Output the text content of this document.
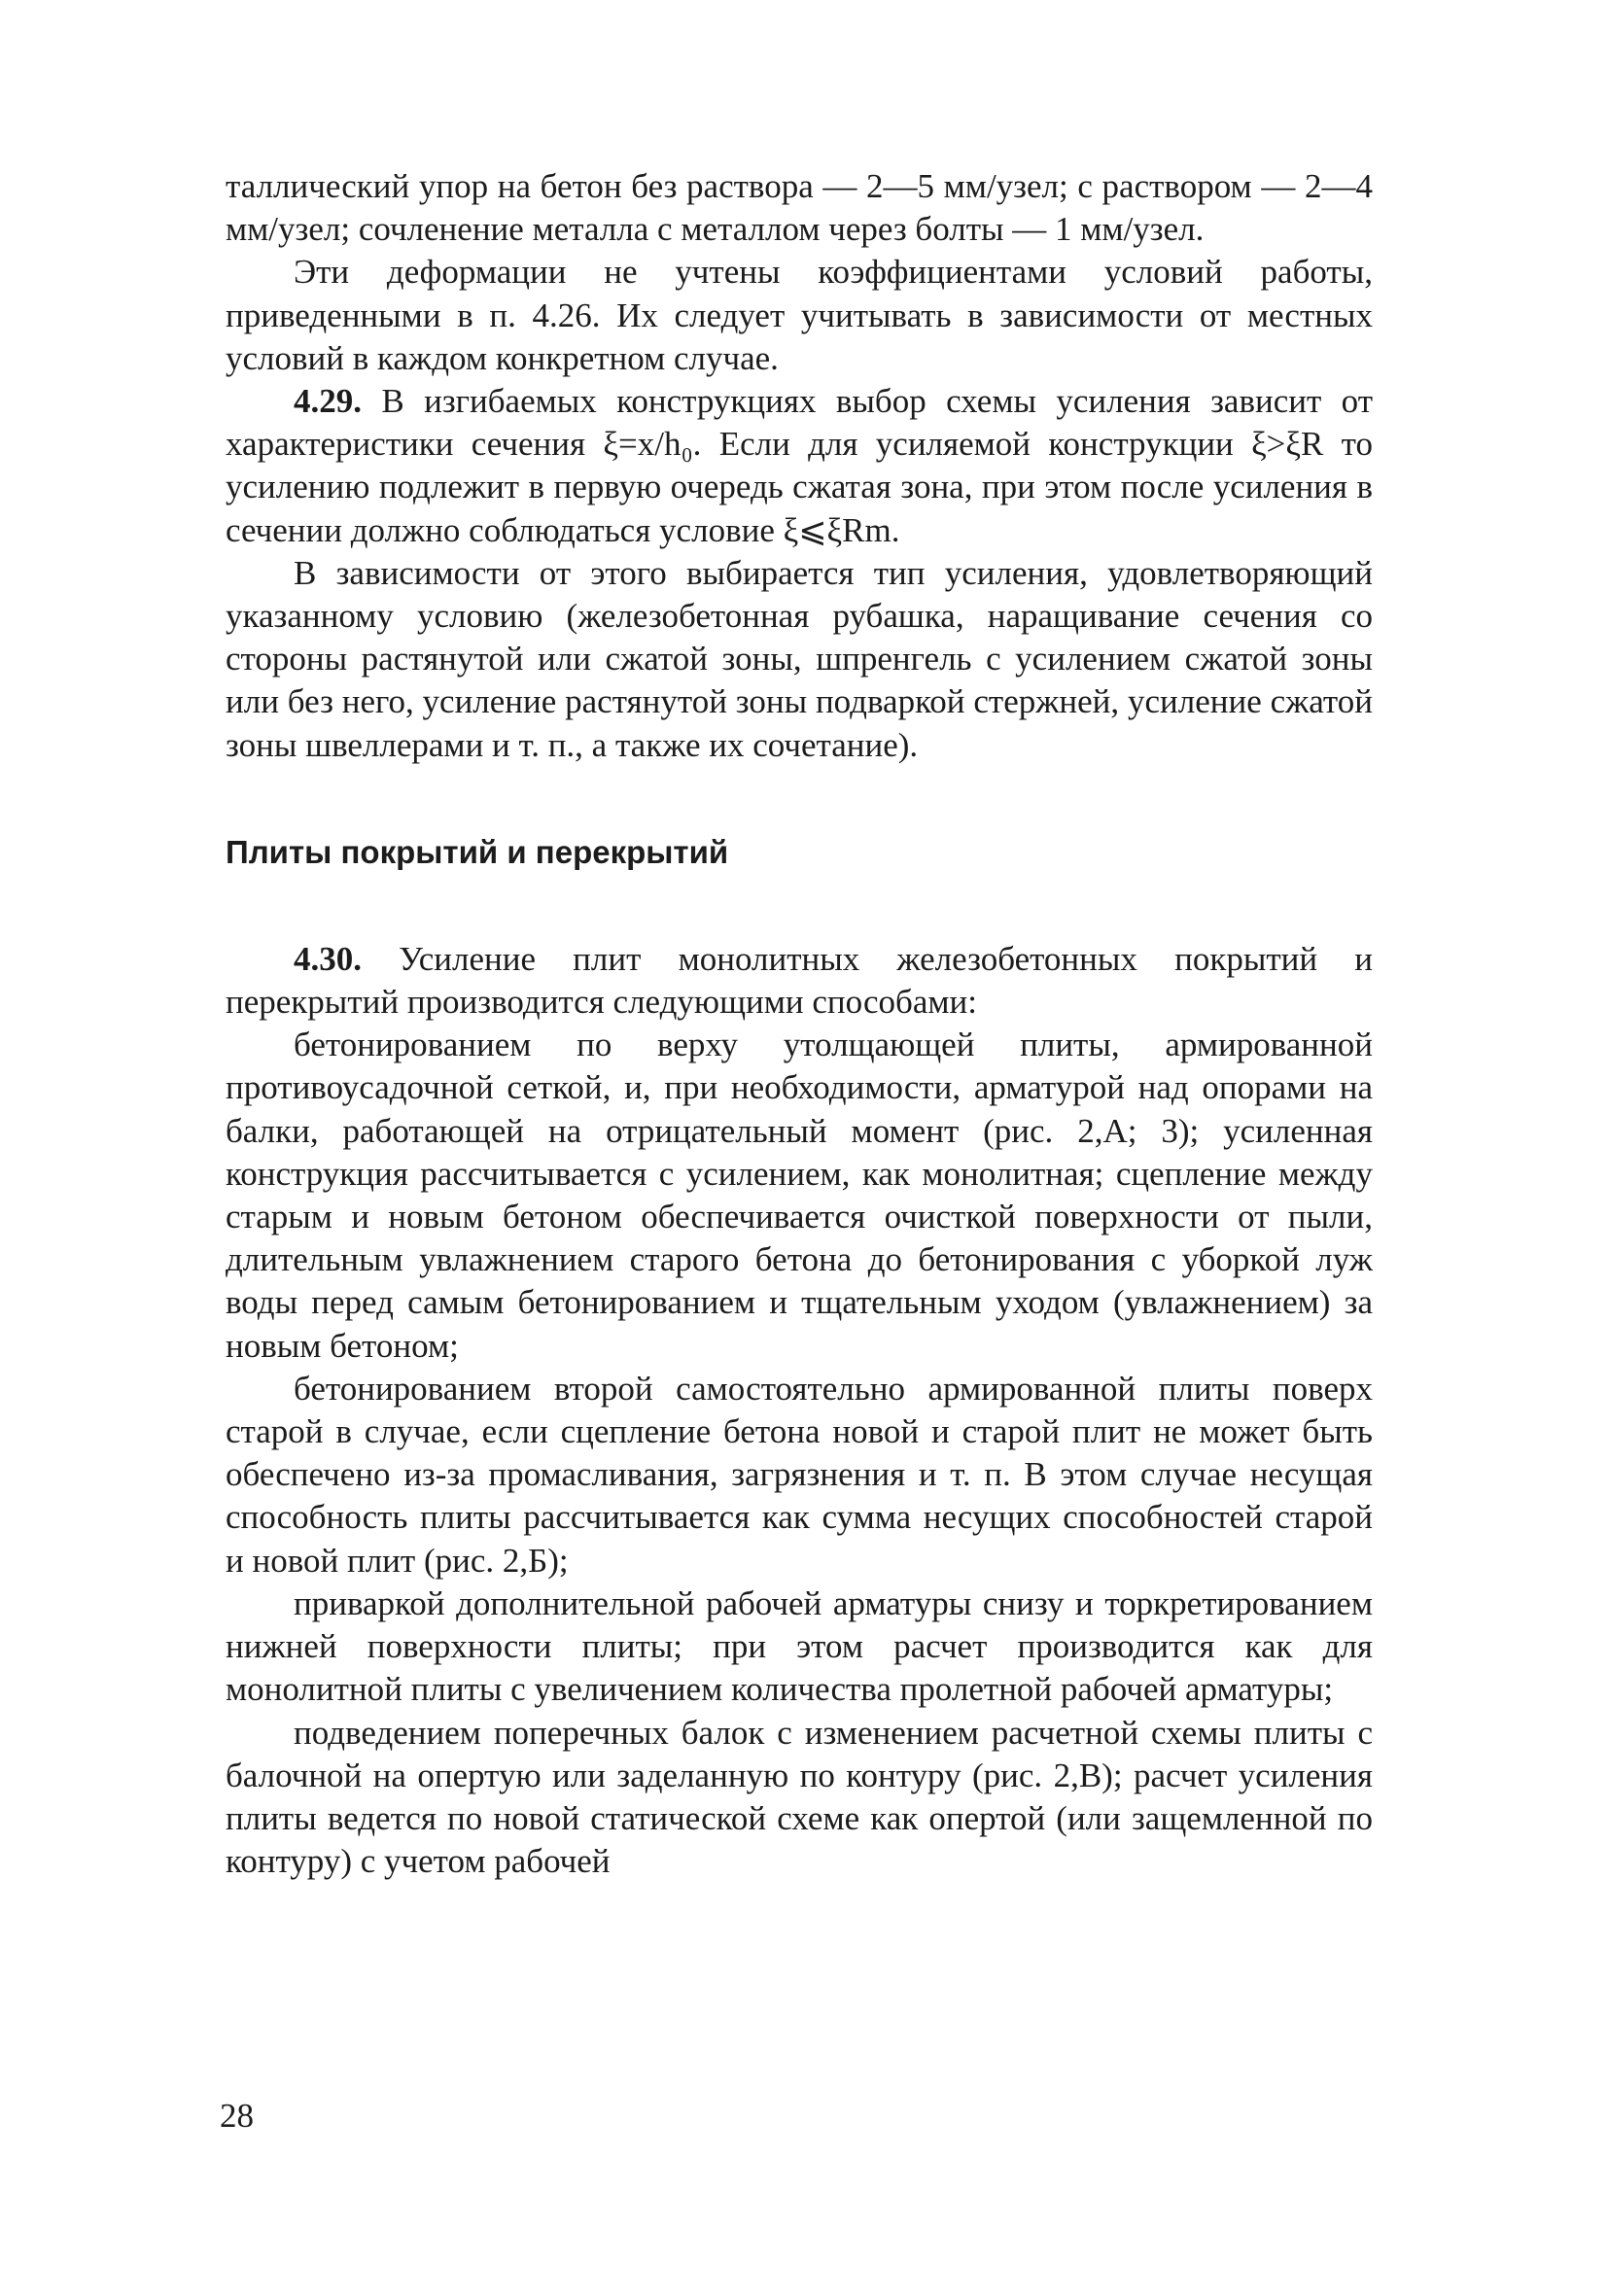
таллический упор на бетон без раствора — 2—5 мм/узел; с раствором — 2—4 мм/узел; сочленение металла с металлом через болты — 1 мм/узел.

Эти деформации не учтены коэффициентами условий работы, приведенными в п. 4.26. Их следует учитывать в зависимости от местных условий в каждом конкретном случае.

4.29. В изгибаемых конструкциях выбор схемы усиления зависит от характеристики сечения ξ=x/h₀. Если для усиляемой конструкции ξ>ξR то усилению подлежит в первую очередь сжатая зона, при этом после усиления в сечении должно соблюдаться условие ξ⩽ξRm.

В зависимости от этого выбирается тип усиления, удовлетворяющий указанному условию (железобетонная рубашка, наращивание сечения со стороны растянутой или сжатой зоны, шпренгель с усилением сжатой зоны или без него, усиление растянутой зоны подваркой стержней, усиление сжатой зоны швеллерами и т. п., а также их сочетание).

Плиты покрытий и перекрытий

4.30. Усиление плит монолитных железобетонных покрытий и перекрытий производится следующими способами:

бетонированием по верху утолщающей плиты, армированной противоусадочной сеткой, и, при необходимости, арматурой над опорами на балки, работающей на отрицательный момент (рис. 2,А; 3); усиленная конструкция рассчитывается с усилением, как монолитная; сцепление между старым и новым бетоном обеспечивается очисткой поверхности от пыли, длительным увлажнением старого бетона до бетонирования с уборкой луж воды перед самым бетонированием и тщательным уходом (увлажнением) за новым бетоном;

бетонированием второй самостоятельно армированной плиты поверх старой в случае, если сцепление бетона новой и старой плит не может быть обеспечено из-за промасливания, загрязнения и т. п. В этом случае несущая способность плиты рассчитывается как сумма несущих способностей старой и новой плит (рис. 2,Б);

приваркой дополнительной рабочей арматуры снизу и торкретированием нижней поверхности плиты; при этом расчет производится как для монолитной плиты с увеличением количества пролетной рабочей арматуры;

подведением поперечных балок с изменением расчетной схемы плиты с балочной на опертую или заделанную по контуру (рис. 2,В); расчет усиления плиты ведется по новой статической схеме как опертой (или защемленной по контуру) с учетом рабочей

28
